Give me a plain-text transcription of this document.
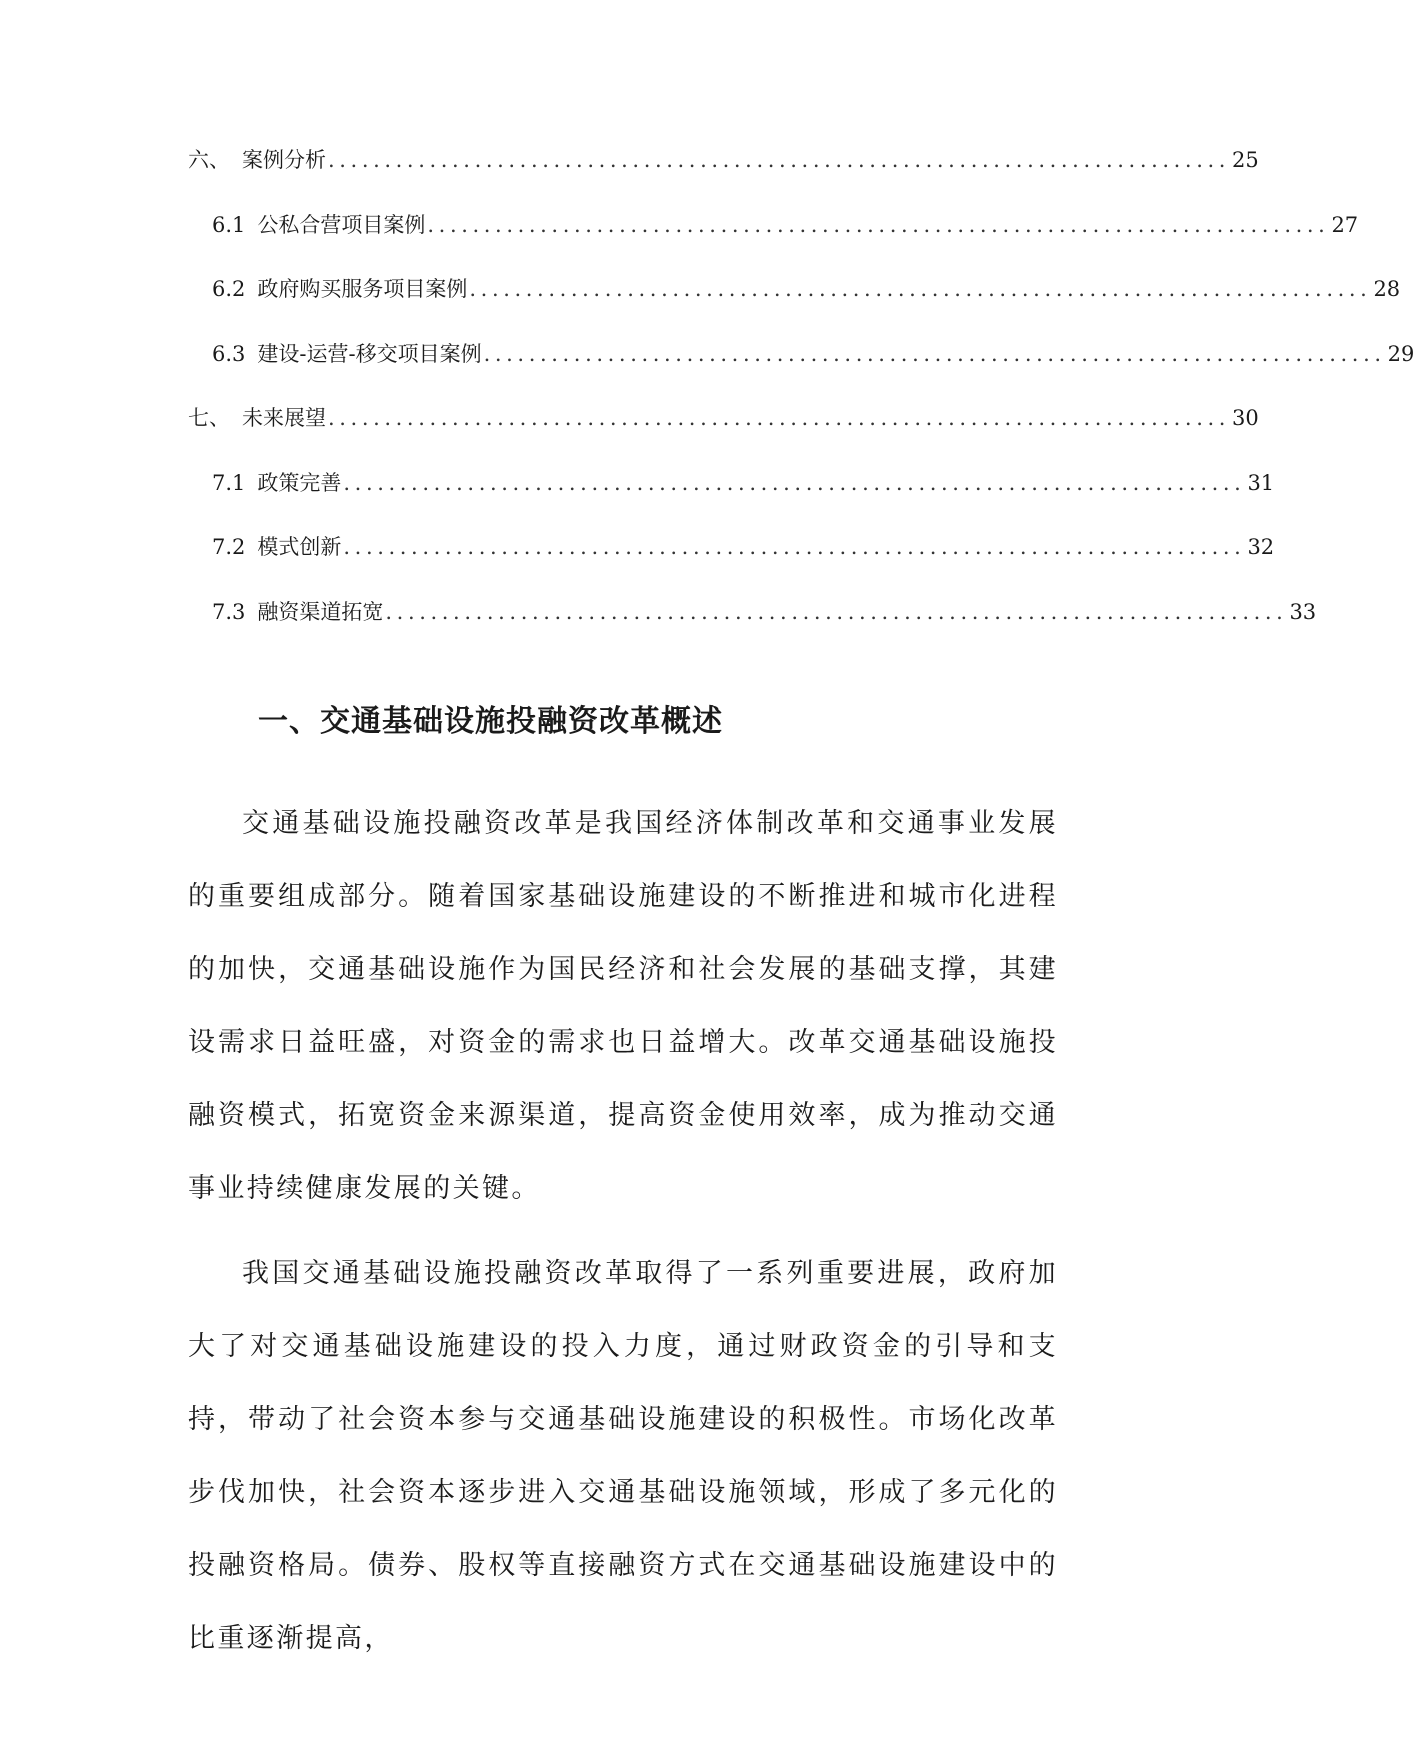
六、 案例分析 ................................................................................ 25
6.1 公私合营项目案例 ................................................................................ 27
6.2 政府购买服务项目案例 ................................................................................ 28
6.3 建设-运营-移交项目案例 ................................................................................ 29
七、 未来展望 ................................................................................ 30
7.1 政策完善 ................................................................................ 31
7.2 模式创新 ................................................................................ 32
7.3 融资渠道拓宽 ................................................................................ 33
一、交通基础设施投融资改革概述

交通基础设施投融资改革是我国经济体制改革和交通事业发展的重要组成部分。随着国家基础设施建设的不断推进和城市化进程的加快，交通基础设施作为国民经济和社会发展的基础支撑，其建设需求日益旺盛，对资金的需求也日益增大。改革交通基础设施投融资模式，拓宽资金来源渠道，提高资金使用效率，成为推动交通事业持续健康发展的关键。

我国交通基础设施投融资改革取得了一系列重要进展，政府加大了对交通基础设施建设的投入力度，通过财政资金的引导和支持，带动了社会资本参与交通基础设施建设的积极性。市场化改革步伐加快，社会资本逐步进入交通基础设施领域，形成了多元化的投融资格局。债券、股权等直接融资方式在交通基础设施建设中的比重逐渐提高，
